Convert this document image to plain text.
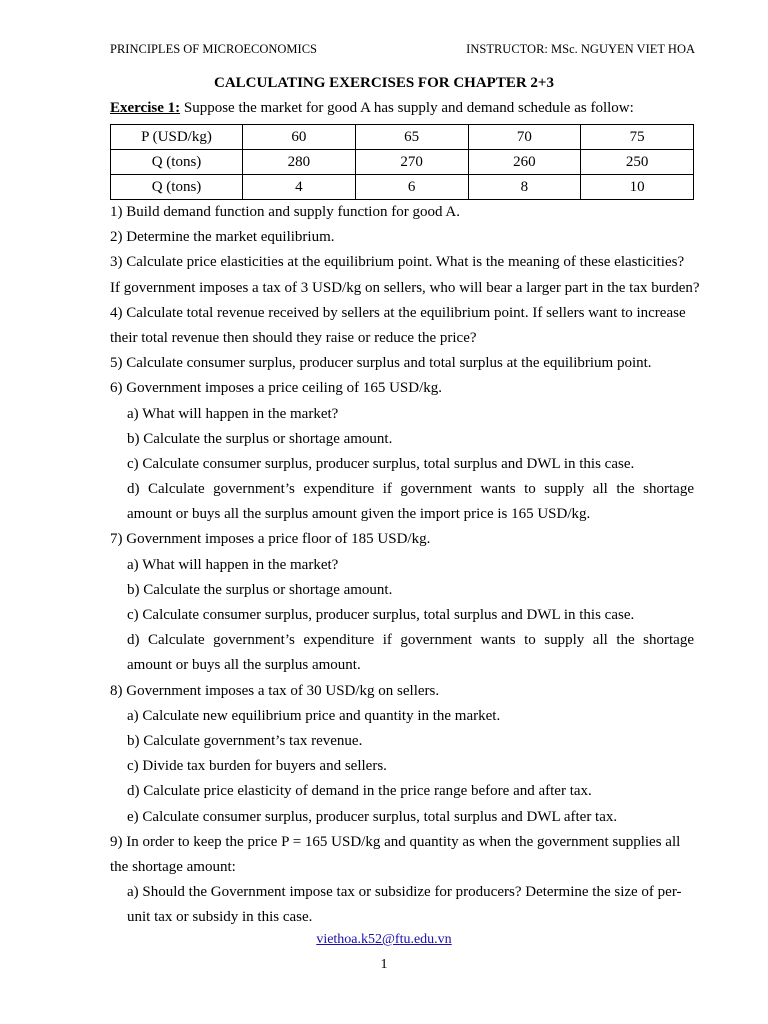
PRINCIPLES OF MICROECONOMICS	INSTRUCTOR: MSc. NGUYEN VIET HOA
CALCULATING EXERCISES FOR CHAPTER 2+3
Exercise 1: Suppose the market for good A has supply and demand schedule as follow:
P (USD/kg)	60	65	70	75
Q (tons)	280	270	260	250
Q (tons)	4	6	8	10
1) Build demand function and supply function for good A.
2) Determine the market equilibrium.
3) Calculate price elasticities at the equilibrium point. What is the meaning of these elasticities?
If government imposes a tax of 3 USD/kg on sellers, who will bear a larger part in the tax burden?
4) Calculate total revenue received by sellers at the equilibrium point. If sellers want to increase
their total revenue then should they raise or reduce the price?
5) Calculate consumer surplus, producer surplus and total surplus at the equilibrium point.
6) Government imposes a price ceiling of 165 USD/kg.
a) What will happen in the market?
b) Calculate the surplus or shortage amount.
c) Calculate consumer surplus, producer surplus, total surplus and DWL in this case.
d) Calculate government’s expenditure if government wants to supply all the shortage
amount or buys all the surplus amount given the import price is 165 USD/kg.
7) Government imposes a price floor of 185 USD/kg.
a) What will happen in the market?
b) Calculate the surplus or shortage amount.
c) Calculate consumer surplus, producer surplus, total surplus and DWL in this case.
d) Calculate government’s expenditure if government wants to supply all the shortage
amount or buys all the surplus amount.
8) Government imposes a tax of 30 USD/kg on sellers.
a) Calculate new equilibrium price and quantity in the market.
b) Calculate government’s tax revenue.
c) Divide tax burden for buyers and sellers.
d) Calculate price elasticity of demand in the price range before and after tax.
e) Calculate consumer surplus, producer surplus, total surplus and DWL after tax.
9) In order to keep the price P = 165 USD/kg and quantity as when the government supplies all
the shortage amount:
a) Should the Government impose tax or subsidize for producers? Determine the size of per-
unit tax or subsidy in this case.
viethoa.k52@ftu.edu.vn
1
